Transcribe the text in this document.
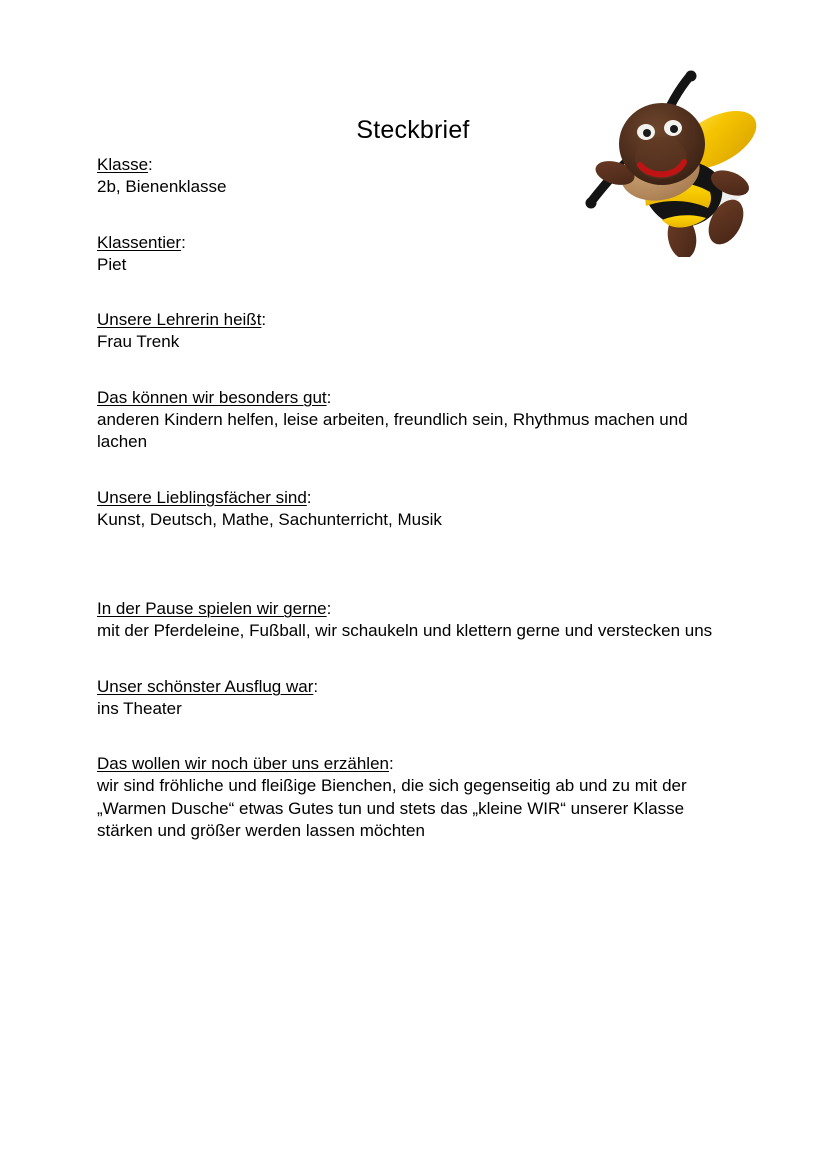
Steckbrief
Klasse:
2b, Bienenklasse
Klassentier:
Piet
Unsere Lehrerin heißt:
Frau Trenk
Das können wir besonders gut:
anderen Kindern helfen, leise arbeiten, freundlich sein, Rhythmus machen und lachen
Unsere Lieblingsfächer sind:
Kunst, Deutsch, Mathe, Sachunterricht, Musik
In der Pause spielen wir gerne:
mit der Pferdeleine, Fußball, wir schaukeln und klettern gerne und verstecken uns
Unser schönster Ausflug war:
ins Theater
Das wollen wir noch über uns erzählen:
wir sind fröhliche und fleißige Bienchen, die sich gegenseitig ab und zu mit der „Warmen Dusche“ etwas Gutes tun und stets das „kleine WIR“ unserer Klasse stärken und größer werden lassen möchten
